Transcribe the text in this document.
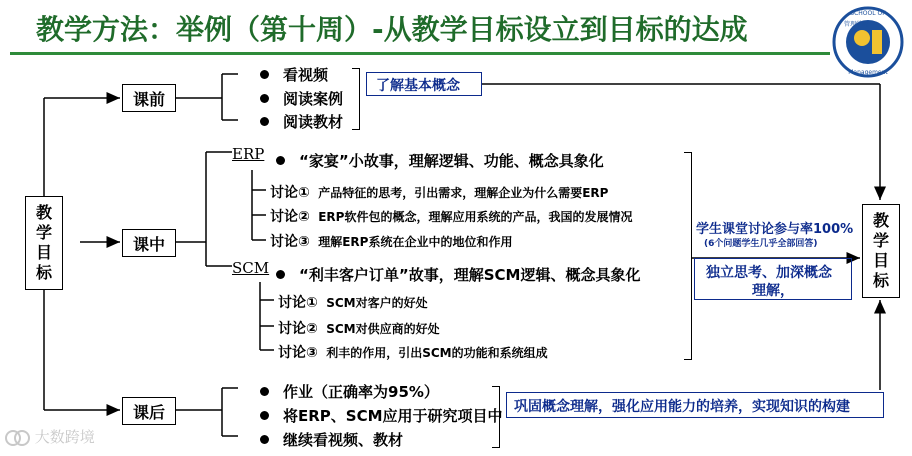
教学方法：举例（第十周）-从教学目标设立到目标的达成	SCHOOL OF
Management
管理学院
教
学
目
标
教
学
目
标
课前
课中
课后
看视频
阅读案例
阅读教材
了解基本概念
ERP	“家宴”小故事，理解逻辑、功能、概念具象化
讨论① 产品特征的思考，引出需求，理解企业为什么需要ERP
讨论② ERP软件包的概念，理解应用系统的产品，我国的发展情况
讨论③ 理解ERP系统在企业中的地位和作用
SCM	“利丰客户订单”故事，理解SCM逻辑、概念具象化
讨论① SCM对客户的好处
讨论② SCM对供应商的好处
讨论③ 利丰的作用，引出SCM的功能和系统组成
学生课堂讨论参与率100%
(6个问题学生几乎全部回答)
独立思考、加深概念
理解，
作业（正确率为95%）
将ERP、SCM应用于研究项目中
继续看视频、教材
巩固概念理解，强化应用能力的培养，实现知识的构建
大数跨境
